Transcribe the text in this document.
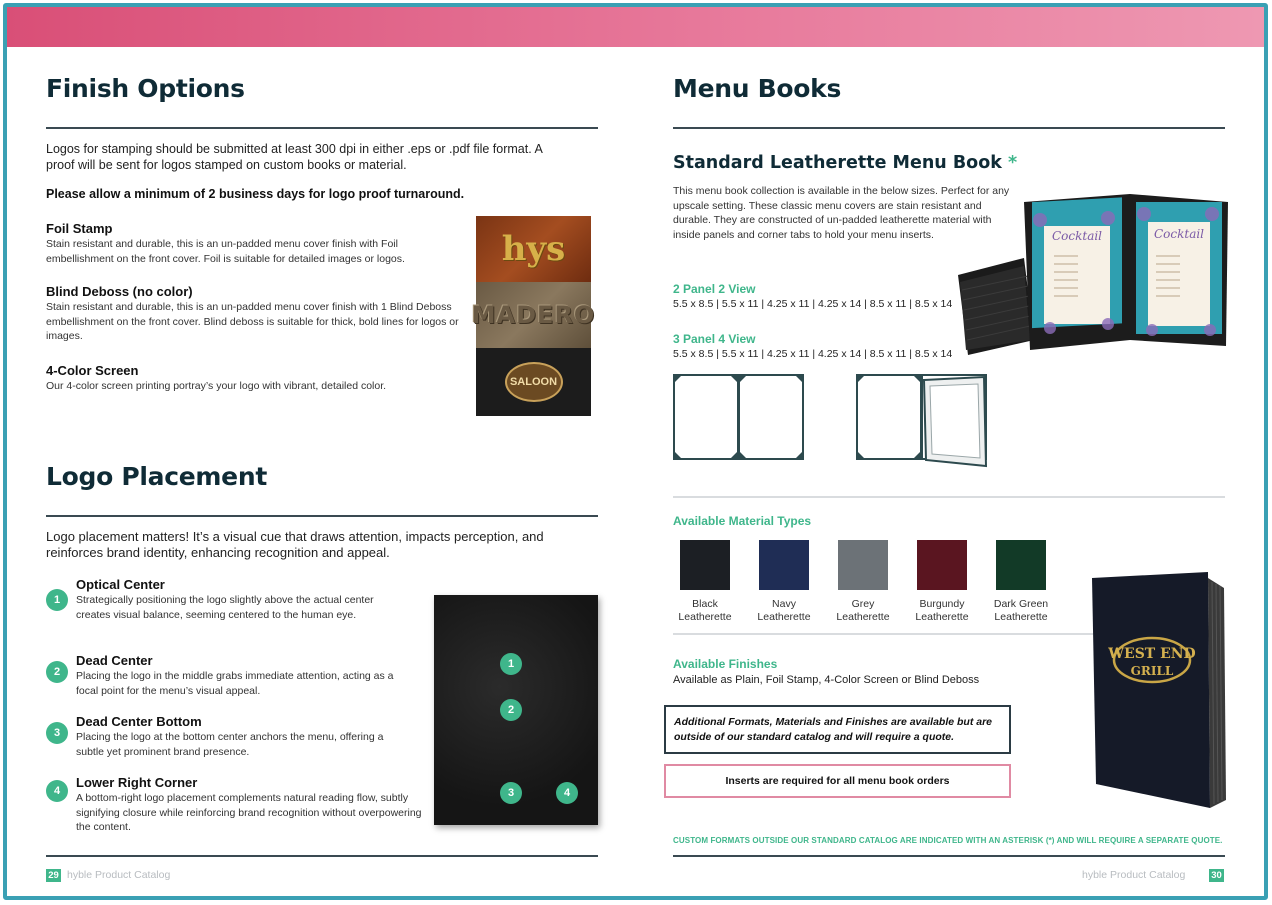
Finish Options
Logos for stamping should be submitted at least 300 dpi in either .eps or .pdf file format. A proof will be sent for logos stamped on custom books or material.
Please allow a minimum of 2 business days for logo proof turnaround.
Foil Stamp
Stain resistant and durable, this is an un-padded menu cover finish with Foil embellishment on the front cover. Foil is suitable for detailed images or logos.
Blind Deboss (no color)
Stain resistant and durable, this is an un-padded menu cover finish with 1 Blind Deboss embellishment on the front cover. Blind deboss is suitable for thick, bold lines for logos or images.
4-Color Screen
Our 4-color screen printing portray’s your logo with vibrant, detailed color.
hys
MADERO
SALOON
Logo Placement
Logo placement matters! It’s a visual cue that draws attention, impacts perception, and reinforces brand identity, enhancing recognition and appeal.
1
Optical Center
Strategically positioning the logo slightly above the actual center creates visual balance, seeming centered to the human eye.
2
Dead Center
Placing the logo in the middle grabs immediate attention, acting as a focal point for the menu’s visual appeal.
3
Dead Center Bottom
Placing the logo at the bottom center anchors the menu, offering a subtle yet prominent brand presence.
4
Lower Right Corner
A bottom-right logo placement complements natural reading flow, subtly signifying closure while reinforcing brand recognition without overpowering the content.
1
2
3	4
29 hyble Product Catalog
Menu Books
Standard Leatherette Menu Book *
This menu book collection is available in the below sizes. Perfect for any upscale setting. These classic menu covers are stain resistant and durable. They are constructed of un-padded leatherette material with inside panels and corner tabs to hold your menu inserts.	Cocktail	Cocktail
2 Panel 2 View
5.5 x 8.5 | 5.5 x 11 | 4.25 x 11 | 4.25 x 14 | 8.5 x 11 | 8.5 x 14
3 Panel 4 View
5.5 x 8.5 | 5.5 x 11 | 4.25 x 11 | 4.25 x 14 | 8.5 x 11 | 8.5 x 14
Available Material Types
Black
Leatherette
Navy
Leatherette
Grey
Leatherette
Burgundy
Leatherette
Dark Green
Leatherette
Available Finishes
Available as Plain, Foil Stamp, 4-Color Screen or Blind Deboss
Additional Formats, Materials and Finishes are available but are outside of our standard catalog and will require a quote.
Inserts are required for all menu book orders
WEST END
GRILL
CUSTOM FORMATS OUTSIDE OUR STANDARD CATALOG ARE INDICATED WITH AN ASTERISK (*) AND WILL REQUIRE A SEPARATE QUOTE.
hyble Product Catalog	30
